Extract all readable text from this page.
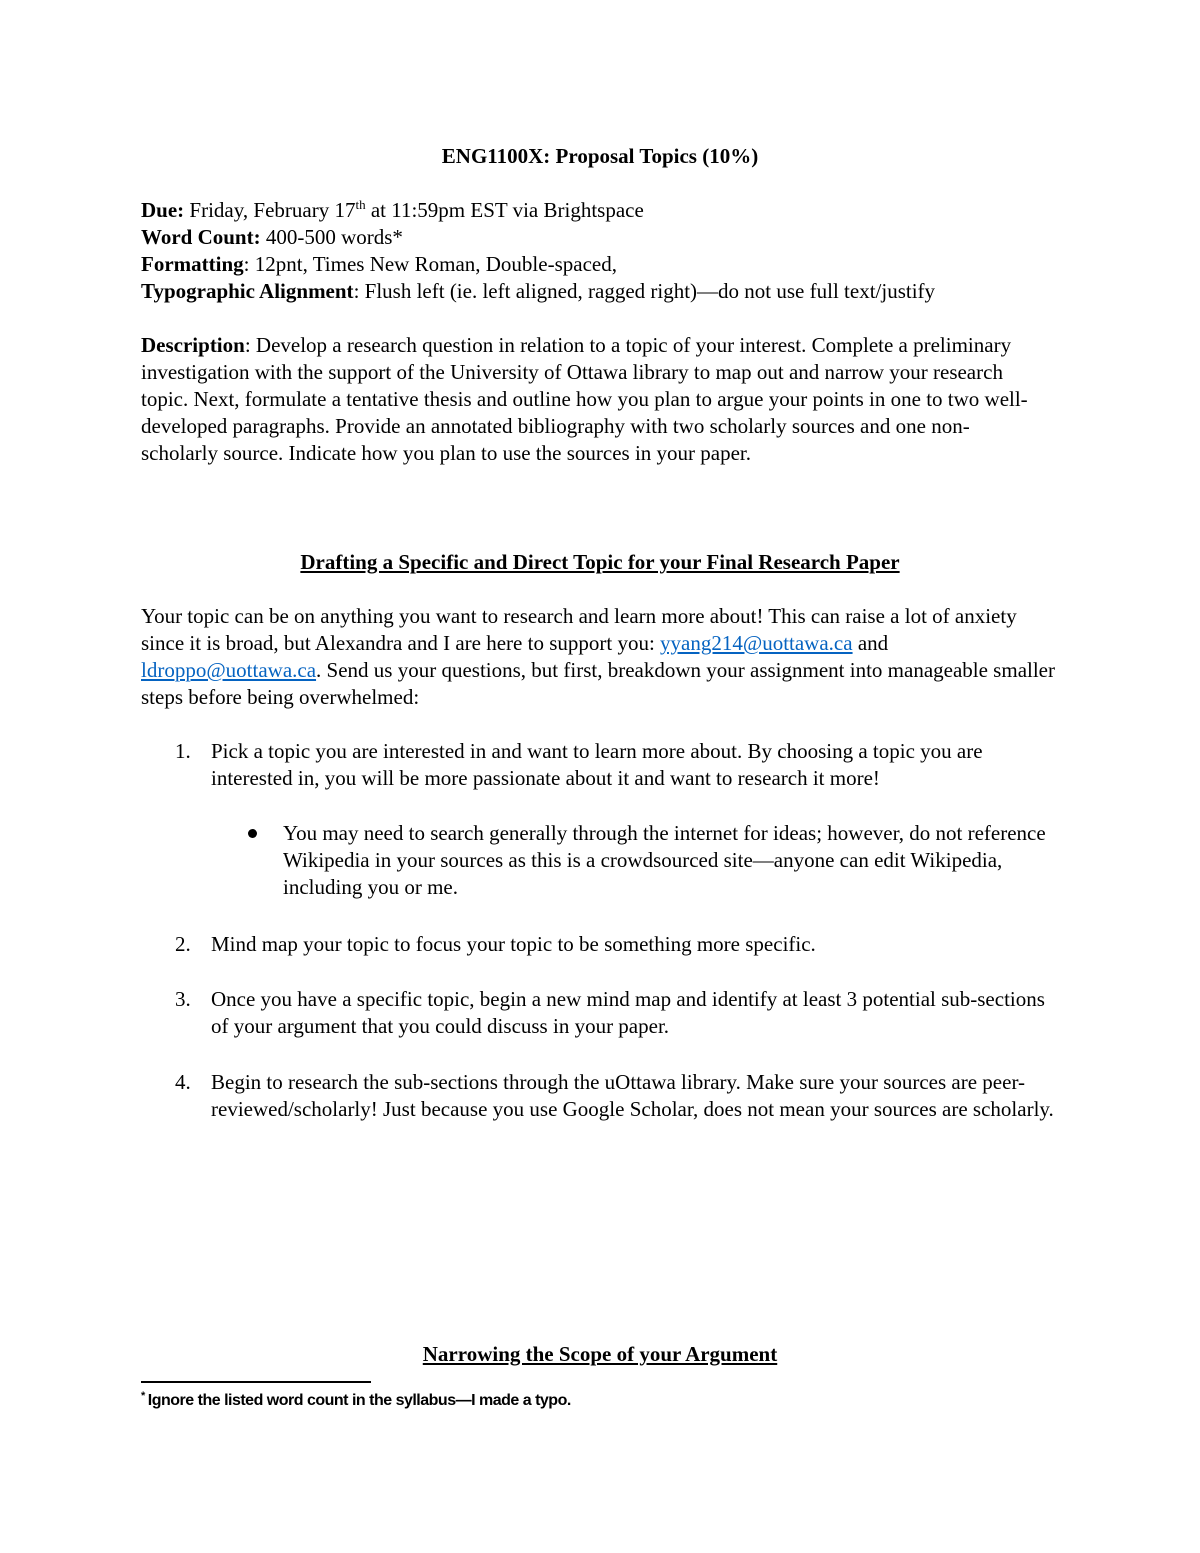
ENG1100X: Proposal Topics (10%)
Due: Friday, February 17th at 11:59pm EST via Brightspace
Word Count: 400-500 words*
Formatting: 12pnt, Times New Roman, Double-spaced,
Typographic Alignment: Flush left (ie. left aligned, ragged right)—do not use full text/justify
Description: Develop a research question in relation to a topic of your interest. Complete a preliminary investigation with the support of the University of Ottawa library to map out and narrow your research topic. Next, formulate a tentative thesis and outline how you plan to argue your points in one to two well-developed paragraphs. Provide an annotated bibliography with two scholarly sources and one non-scholarly source. Indicate how you plan to use the sources in your paper.
Drafting a Specific and Direct Topic for your Final Research Paper
Your topic can be on anything you want to research and learn more about! This can raise a lot of anxiety since it is broad, but Alexandra and I are here to support you: yyang214@uottawa.ca and ldroppo@uottawa.ca. Send us your questions, but first, breakdown your assignment into manageable smaller steps before being overwhelmed:
1. Pick a topic you are interested in and want to learn more about. By choosing a topic you are interested in, you will be more passionate about it and want to research it more!
You may need to search generally through the internet for ideas; however, do not reference Wikipedia in your sources as this is a crowdsourced site—anyone can edit Wikipedia, including you or me.
2. Mind map your topic to focus your topic to be something more specific.
3. Once you have a specific topic, begin a new mind map and identify at least 3 potential sub-sections of your argument that you could discuss in your paper.
4. Begin to research the sub-sections through the uOttawa library. Make sure your sources are peer-reviewed/scholarly! Just because you use Google Scholar, does not mean your sources are scholarly.
Narrowing the Scope of your Argument
* Ignore the listed word count in the syllabus—I made a typo.
